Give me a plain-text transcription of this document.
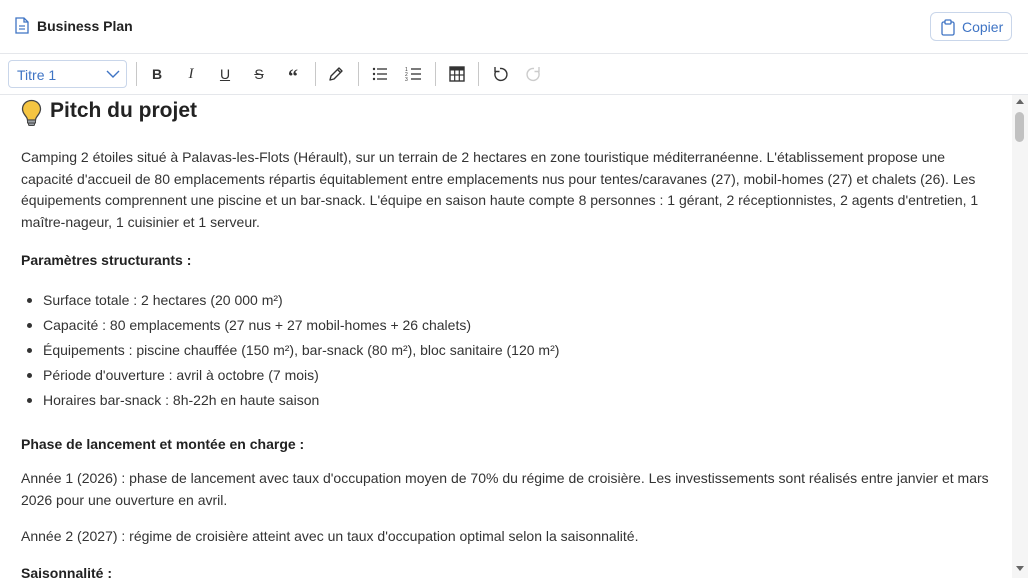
Business Plan	Copier
Titre 1	B	I	U	S	“	1
2
3
Pitch du projet

Camping 2 étoiles situé à Palavas-les-Flots (Hérault), sur un terrain de 2 hectares en zone touristique méditerranéenne. L'établissement propose une capacité d'accueil de 80 emplacements répartis équitablement entre emplacements nus pour tentes/caravanes (27), mobil-homes (27) et chalets (26). Les équipements comprennent une piscine et un bar-snack. L'équipe en saison haute compte 8 personnes : 1 gérant, 2 réceptionnistes, 2 agents d'entretien, 1 maître-nageur, 1 cuisinier et 1 serveur.

Paramètres structurants :
Surface totale : 2 hectares (20 000 m²)
Capacité : 80 emplacements (27 nus + 27 mobil-homes + 26 chalets)
Équipements : piscine chauffée (150 m²), bar-snack (80 m²), bloc sanitaire (120 m²)
Période d'ouverture : avril à octobre (7 mois)
Horaires bar-snack : 8h-22h en haute saison
Phase de lancement et montée en charge :

Année 1 (2026) : phase de lancement avec taux d'occupation moyen de 70% du régime de croisière. Les investissements sont réalisés entre janvier et mars 2026 pour une ouverture en avril.

Année 2 (2027) : régime de croisière atteint avec un taux d'occupation optimal selon la saisonnalité.

Saisonnalité :
